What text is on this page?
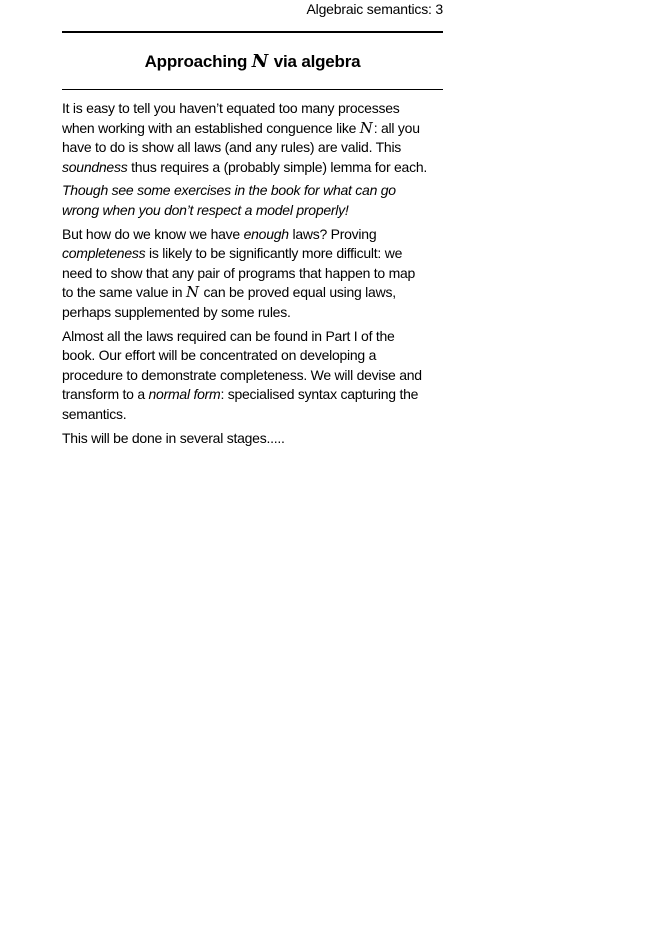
Algebraic semantics: 3
Approaching N via algebra

It is easy to tell you haven’t equated too many processes
when working with an established conguence like N: all you
have to do is show all laws (and any rules) are valid. This
soundness thus requires a (probably simple) lemma for each.

Though see some exercises in the book for what can go
wrong when you don’t respect a model properly!

But how do we know we have enough laws? Proving
completeness is likely to be significantly more difficult: we
need to show that any pair of programs that happen to map
to the same value in N can be proved equal using laws,
perhaps supplemented by some rules.

Almost all the laws required can be found in Part I of the
book. Our effort will be concentrated on developing a
procedure to demonstrate completeness. We will devise and
transform to a normal form: specialised syntax capturing the
semantics.

This will be done in several stages.....
